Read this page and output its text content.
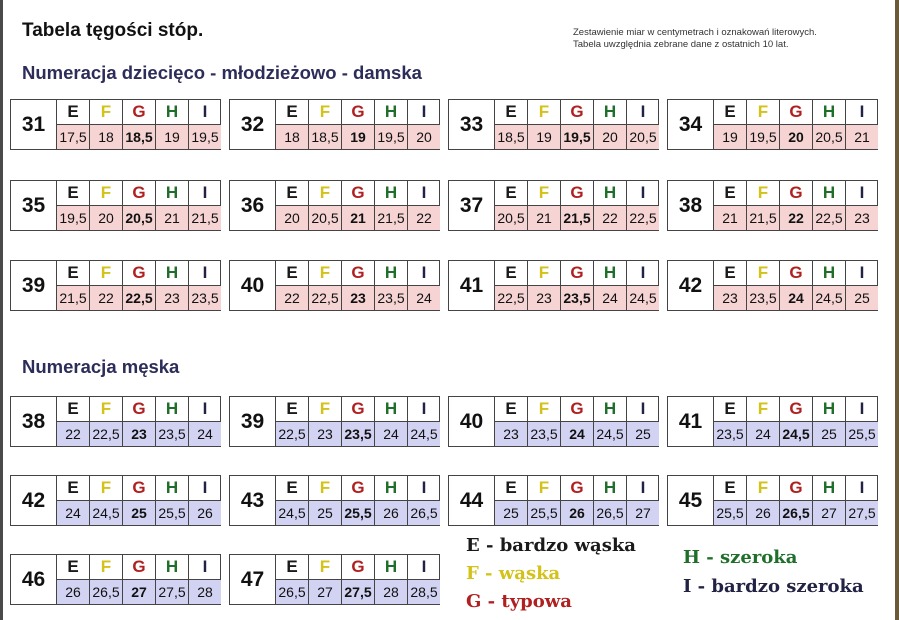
Tabela tęgości stóp.	Zestawienie miar w centymetrach i oznakowań literowych.
Tabela uwzględnia zebrane dane z ostatnich 10 lat.
Numeracja dziecięco - młodzieżowo - damska
31
E	F	G	H	I
17,5 18 18,5 19 19,5
32
E	F	G	H	I
18 18,5 19 19,5 20
33
E	F	G	H	I
18,5 19 19,5 20 20,5
34
E	F	G	H	I
19 19,5 20 20,5 21
35
E	F	G	H	I
19,5 20 20,5 21 21,5
36
E	F	G	H	I
20 20,5 21 21,5 22
37
E	F	G	H	I
20,5 21 21,5 22 22,5
38
E	F	G	H	I
21 21,5 22 22,5 23
39
E	F	G	H	I
21,5 22 22,5 23 23,5
40
E	F	G	H	I
22 22,5 23 23,5 24
41
E	F	G	H	I
22,5 23 23,5 24 24,5
42
E	F	G	H	I
23 23,5 24 24,5 25
Numeracja męska
38
E	F	G	H	I
22 22,5 23 23,5 24
39
E	F	G	H	I
22,5 23 23,5 24 24,5
40
E	F	G	H	I
23 23,5 24 24,5 25
41
E	F	G	H	I
23,5 24 24,5 25 25,5
42
E	F	G	H	I
24 24,5 25 25,5 26
43
E	F	G	H	I
24,5 25 25,5 26 26,5
44
E	F	G	H	I
25 25,5 26 26,5 27
45
E	F	G	H	I
25,5 26 26,5 27 27,5
46
E	F	G	H	I
26 26,5 27 27,5 28
47
E	F	G	H	I
26,5 27 27,5 28 28,5
E - bardzo wąska
F - wąska
G - typowa
H - szeroka
I - bardzo szeroka
